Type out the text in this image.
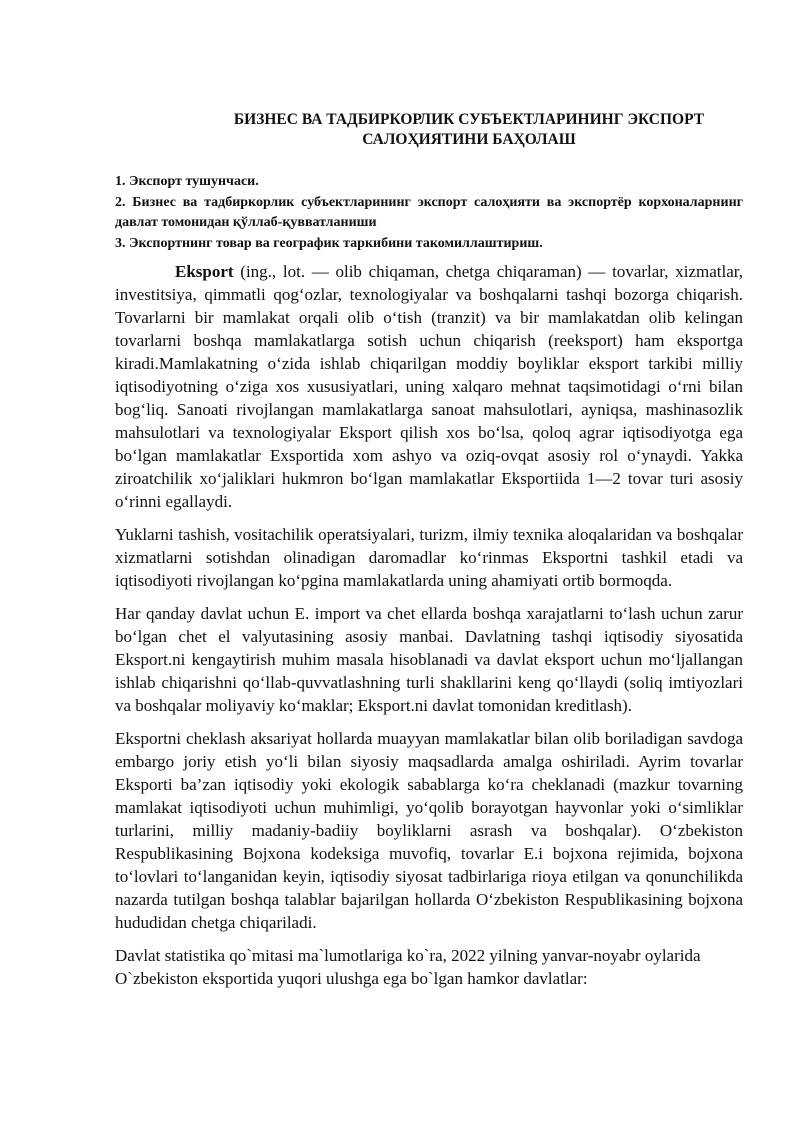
БИЗНЕС ВА ТАДБИРКОРЛИК СУБЪЕКТЛАРИНИНГ ЭКСПОРТ
САЛОҲИЯТИНИ БАҲОЛАШ

1. Экспорт тушунчаси.

2. Бизнес ва тадбиркорлик субъектларининг экспорт салоҳияти ва экспортёр корхоналарнинг давлат томонидан қўллаб-қувватланиши

3. Экспортнинг товар ва географик таркибини такомиллаштириш.

Eksport (ing., lot. — olib chiqaman, chetga chiqaraman) — tovarlar, xizmatlar, investitsiya, qimmatli qog‘ozlar, texnologiyalar va boshqalarni tashqi bozorga chiqarish. Tovarlarni bir mamlakat orqali olib o‘tish (tranzit) va bir mamlakatdan olib kelingan tovarlarni boshqa mamlakatlarga sotish uchun chiqarish (reeksport) ham eksportga kiradi.Mamlakatning o‘zida ishlab chiqarilgan moddiy boyliklar eksport tarkibi milliy iqtisodiyotning o‘ziga xos xususiyatlari, uning xalqaro mehnat taqsimotidagi o‘rni bilan bog‘liq. Sanoati rivojlangan mamlakatlarga sanoat mahsulotlari, ayniqsa, mashinasozlik mahsulotlari va texnologiyalar Eksport qilish xos bo‘lsa, qoloq agrar iqtisodiyotga ega bo‘lgan mamlakatlar Exsportida xom ashyo va oziq-ovqat asosiy rol o‘ynaydi. Yakka ziroatchilik xo‘jaliklari hukmron bo‘lgan mamlakatlar Eksportiida 1—2 tovar turi asosiy o‘rinni egallaydi.

Yuklarni tashish, vositachilik operatsiyalari, turizm, ilmiy texnika aloqalaridan va boshqalar xizmatlarni sotishdan olinadigan daromadlar ko‘rinmas Eksportni tashkil etadi va iqtisodiyoti rivojlangan ko‘pgina mamlakatlarda uning ahamiyati ortib bormoqda.

Har qanday davlat uchun E. import va chet ellarda boshqa xarajatlarni to‘lash uchun zarur bo‘lgan chet el valyutasining asosiy manbai. Davlatning tashqi iqtisodiy siyosatida Eksport.ni kengaytirish muhim masala hisoblanadi va davlat eksport uchun mo‘ljallangan ishlab chiqarishni qo‘llab-quvvatlashning turli shakllarini keng qo‘llaydi (soliq imtiyozlari va boshqalar moliyaviy ko‘maklar; Eksport.ni davlat tomonidan kreditlash).

Eksportni cheklash aksariyat hollarda muayyan mamlakatlar bilan olib boriladigan savdoga embargo joriy etish yo‘li bilan siyosiy maqsadlarda amalga oshiriladi. Ayrim tovarlar Eksporti ba’zan iqtisodiy yoki ekologik sabablarga ko‘ra cheklanadi (mazkur tovarning mamlakat iqtisodiyoti uchun muhimligi, yo‘qolib borayotgan hayvonlar yoki o‘simliklar turlarini, milliy madaniy-badiiy boyliklarni asrash va boshqalar). O‘zbekiston Respublikasining Bojxona kodeksiga muvofiq, tovarlar E.i bojxona rejimida, bojxona to‘lovlari to‘langanidan keyin, iqtisodiy siyosat tadbirlariga rioya etilgan va qonunchilikda nazarda tutilgan boshqa talablar bajarilgan hollarda O‘zbekiston Respublikasining bojxona hududidan chetga chiqariladi.

Davlat statistika qo`mitasi ma`lumotlariga ko`ra, 2022 yilning yanvar-noyabr oylarida O`zbekiston eksportida yuqori ulushga ega bo`lgan hamkor davlatlar:
